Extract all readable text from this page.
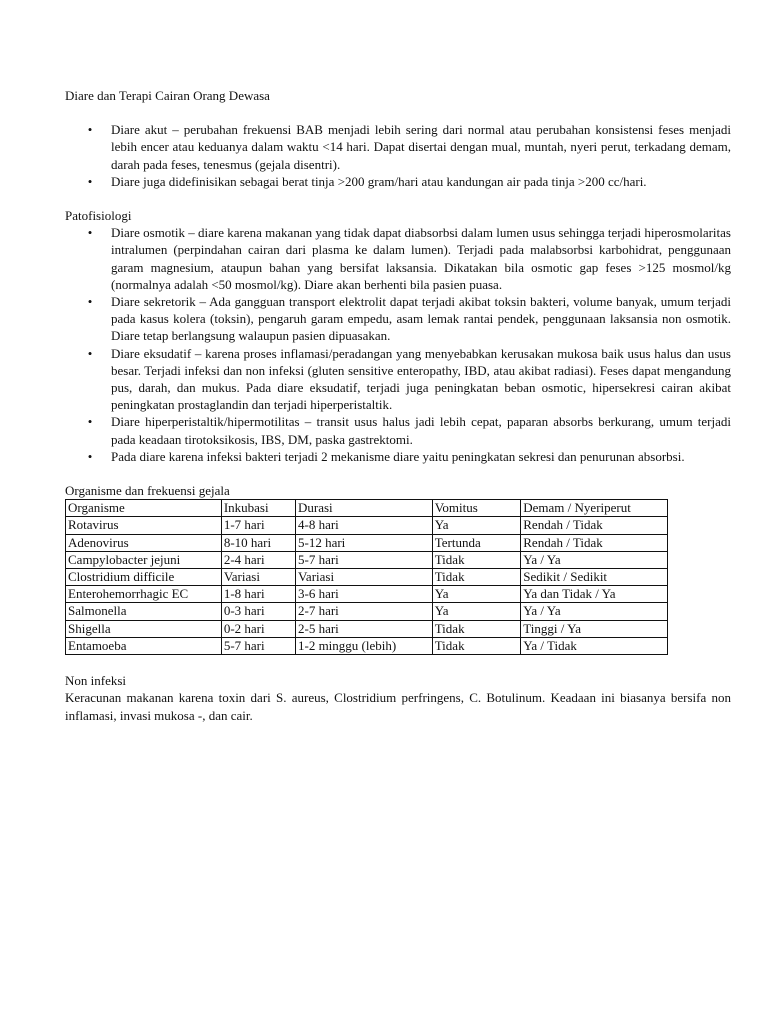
Diare dan Terapi Cairan Orang Dewasa
• Diare akut – perubahan frekuensi BAB menjadi lebih sering dari normal atau perubahan konsistensi feses menjadi lebih encer atau keduanya dalam waktu <14 hari. Dapat disertai dengan mual, muntah, nyeri perut, terkadang demam, darah pada feses, tenesmus (gejala disentri).
• Diare juga didefinisikan sebagai berat tinja >200 gram/hari atau kandungan air pada tinja >200 cc/hari.
Patofisiologi
• Diare osmotik – diare karena makanan yang tidak dapat diabsorbsi dalam lumen usus sehingga terjadi hiperosmolaritas intralumen (perpindahan cairan dari plasma ke dalam lumen). Terjadi pada malabsorbsi karbohidrat, penggunaan garam magnesium, ataupun bahan yang bersifat laksansia. Dikatakan bila osmotic gap feses >125 mosmol/kg (normalnya adalah <50 mosmol/kg). Diare akan berhenti bila pasien puasa.
• Diare sekretorik – Ada gangguan transport elektrolit dapat terjadi akibat toksin bakteri, volume banyak, umum terjadi pada kasus kolera (toksin), pengaruh garam empedu, asam lemak rantai pendek, penggunaan laksansia non osmotik. Diare tetap berlangsung walaupun pasien dipuasakan.
• Diare eksudatif – karena proses inflamasi/peradangan yang menyebabkan kerusakan mukosa baik usus halus dan usus besar. Terjadi infeksi dan non infeksi (gluten sensitive enteropathy, IBD, atau akibat radiasi). Feses dapat mengandung pus, darah, dan mukus. Pada diare eksudatif, terjadi juga peningkatan beban osmotic, hipersekresi cairan akibat peningkatan prostaglandin dan terjadi hiperperistaltik.
• Diare hiperperistaltik/hipermotilitas – transit usus halus jadi lebih cepat, paparan absorbs berkurang, umum terjadi pada keadaan tirotoksikosis, IBS, DM, paska gastrektomi.
• Pada diare karena infeksi bakteri terjadi 2 mekanisme diare yaitu peningkatan sekresi dan penurunan absorbsi.
Organisme dan frekuensi gejala
Organisme	Inkubasi	Durasi	Vomitus	Demam / Nyeriperut
Rotavirus	1-7 hari	4-8 hari	Ya	Rendah / Tidak
Adenovirus	8-10 hari	5-12 hari	Tertunda	Rendah / Tidak
Campylobacter jejuni	2-4 hari	5-7 hari	Tidak	Ya / Ya
Clostridium difficile	Variasi	Variasi	Tidak	Sedikit / Sedikit
Enterohemorrhagic EC	1-8 hari	3-6 hari	Ya	Ya dan Tidak / Ya
Salmonella	0-3 hari	2-7 hari	Ya	Ya / Ya
Shigella	0-2 hari	2-5 hari	Tidak	Tinggi / Ya
Entamoeba	5-7 hari	1-2 minggu (lebih)	Tidak	Ya / Tidak
Non infeksi

Keracunan makanan karena toxin dari S. aureus, Clostridium perfringens, C. Botulinum. Keadaan ini biasanya bersifa non inflamasi, invasi mukosa -, dan cair.
